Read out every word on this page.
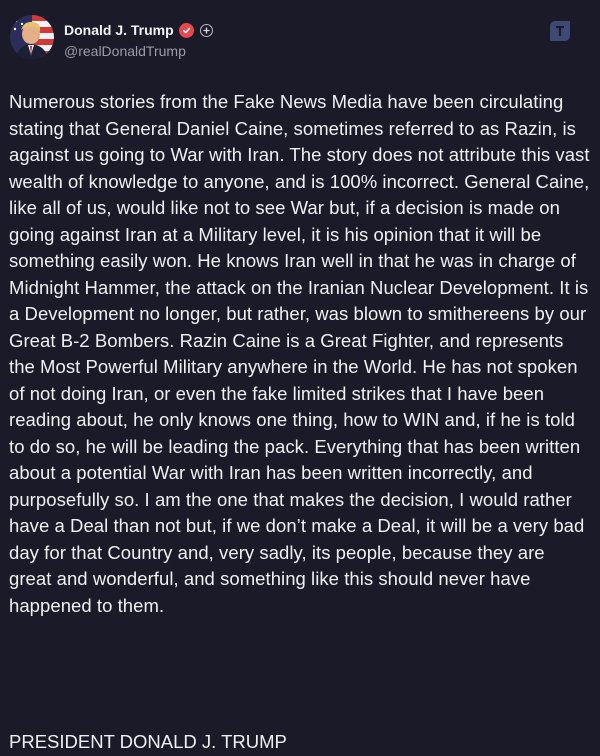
Donald J. Trump
@realDonaldTrump

Numerous stories from the Fake News Media have been circulating stating that General Daniel Caine, sometimes referred to as Razin, is against us going to War with Iran. The story does not attribute this vast wealth of knowledge to anyone, and is 100% incorrect. General Caine, like all of us, would like not to see War but, if a decision is made on going against Iran at a Military level, it is his opinion that it will be something easily won. He knows Iran well in that he was in charge of Midnight Hammer, the attack on the Iranian Nuclear Development. It is a Development no longer, but rather, was blown to smithereens by our Great B-2 Bombers. Razin Caine is a Great Fighter, and represents the Most Powerful Military anywhere in the World. He has not spoken of not doing Iran, or even the fake limited strikes that I have been reading about, he only knows one thing, how to WIN and, if he is told to do so, he will be leading the pack. Everything that has been written about a potential War with Iran has been written incorrectly, and purposefully so. I am the one that makes the decision, I would rather have a Deal than not but, if we don’t make a Deal, it will be a very bad day for that Country and, very sadly, its people, because they are great and wonderful, and something like this should never have happened to them.

PRESIDENT DONALD J. TRUMP
